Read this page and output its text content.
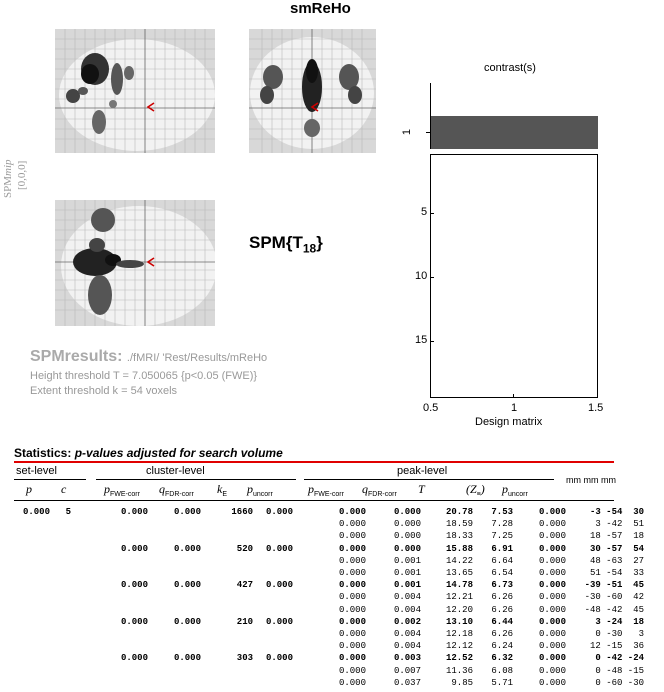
smReHo
SPMmip [0,0,0]
$SPM\{T_{18}\}$
SPMresults: ./fMRI/ 'Rest/Results/mReHo
Height threshold T = 7.050065 {p<0.05 (FWE)}
Extent threshold k = 54 voxels
contrast(s)
1
5
10
15
0.5	1	1.5
Design matrix
Statistics: p-values adjusted for search volume
set-level	cluster-level	peak-level
mm mm mm
p c	$p_{FWE-corr}$ $q_{FDR-corr}$ $k_E$ $p_{uncorr}$	$p_{FWE-corr}$ $q_{FDR-corr}$ T	$(Z_\equiv)$ $p_{uncorr}$
0.000	5	0.000	0.000	1660	0.000	0.000	0.000	20.78	7.53	0.000	-3 -54  30
						0.000	0.000	18.59	7.28	0.000	3 -42  51
						0.000	0.000	18.33	7.25	0.000	18 -57  18
		0.000	0.000	520	0.000	0.000	0.000	15.88	6.91	0.000	30 -57  54
						0.000	0.001	14.22	6.64	0.000	48 -63  27
						0.000	0.001	13.65	6.54	0.000	51 -54  33
		0.000	0.000	427	0.000	0.000	0.001	14.78	6.73	0.000	-39 -51  45
						0.000	0.004	12.21	6.26	0.000	-30 -60  42
						0.000	0.004	12.20	6.26	0.000	-48 -42  45
		0.000	0.000	210	0.000	0.000	0.002	13.10	6.44	0.000	3 -24  18
						0.000	0.004	12.18	6.26	0.000	0 -30   3
						0.000	0.004	12.12	6.24	0.000	12 -15  36
		0.000	0.000	303	0.000	0.000	0.003	12.52	6.32	0.000	0 -42 -24
						0.000	0.007	11.36	6.08	0.000	0 -48 -15
						0.000	0.037	9.85	5.71	0.000	0 -60 -30
